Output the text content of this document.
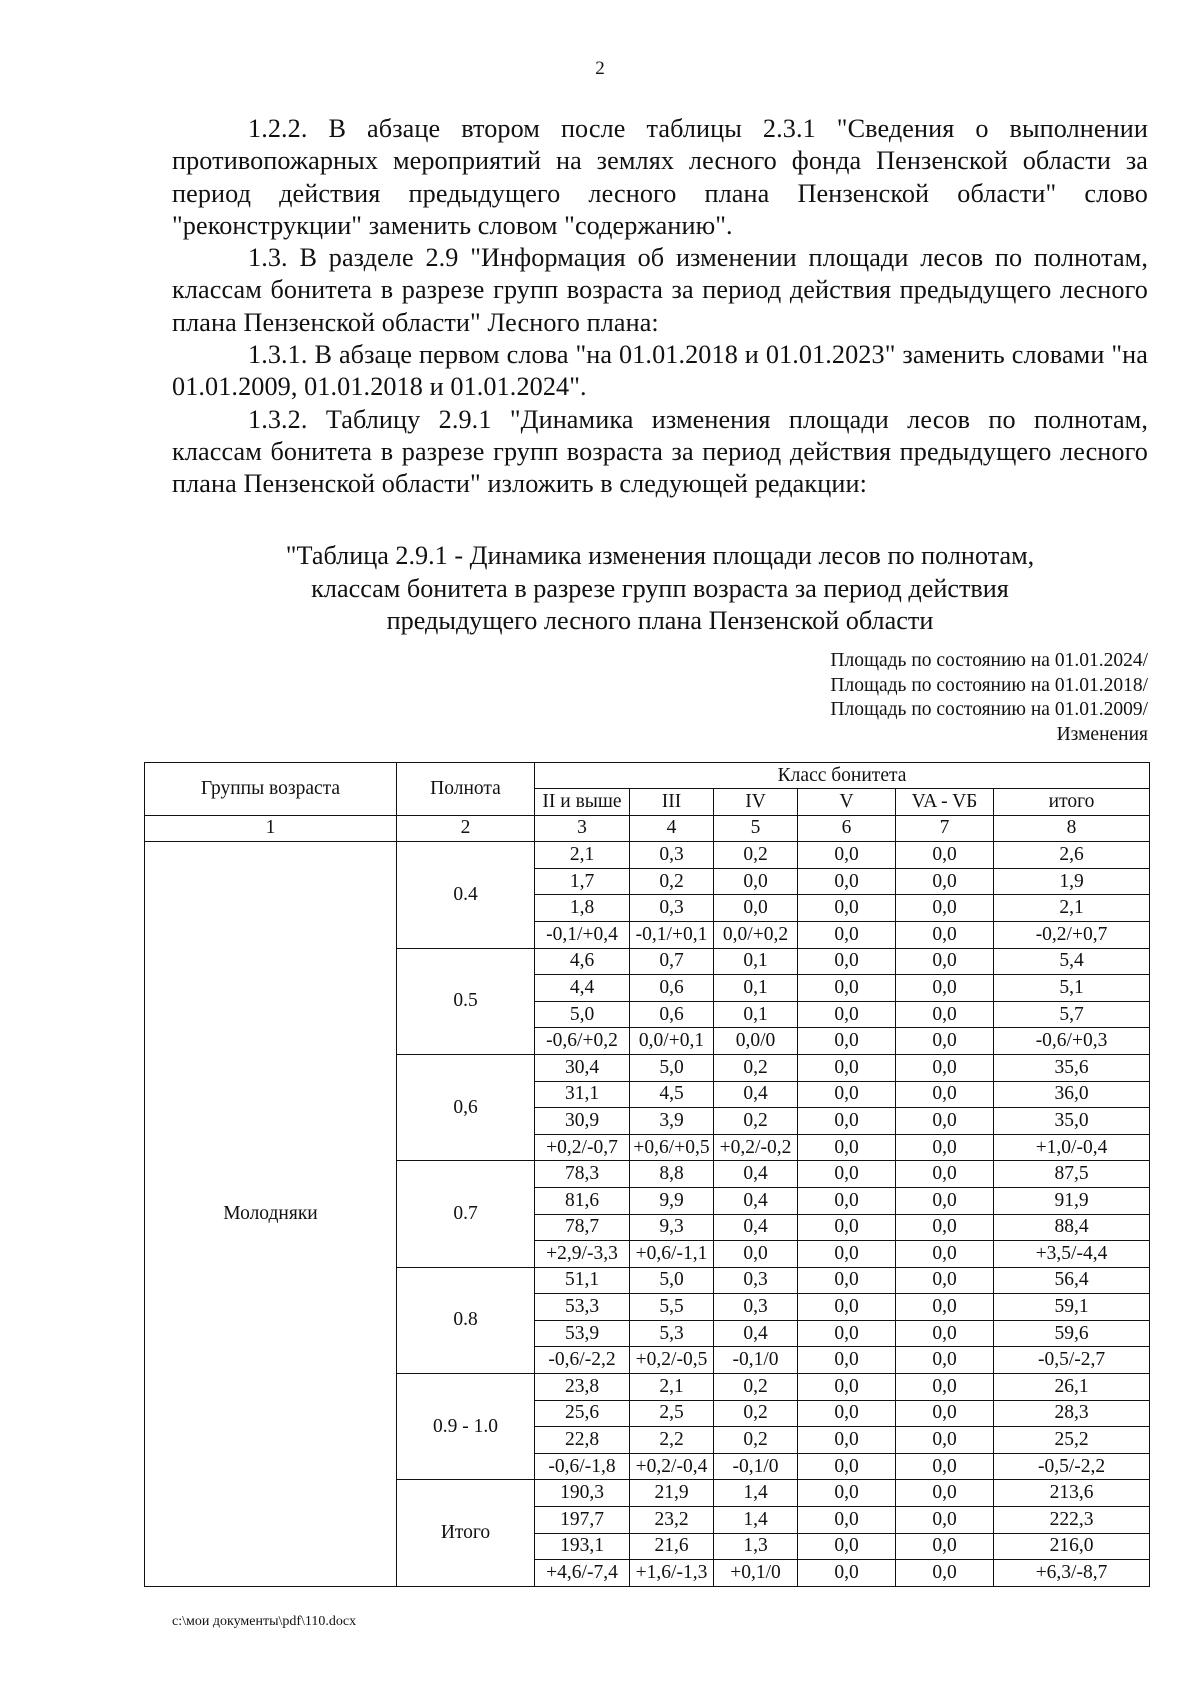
2

1.2.2. В абзаце втором после таблицы 2.3.1 "Сведения о выполнении противопожарных мероприятий на землях лесного фонда Пензенской области за период действия предыдущего лесного плана Пензенской области" слово "реконструкции" заменить словом "содержанию".

1.3. В разделе 2.9 "Информация об изменении площади лесов по полнотам, классам бонитета в разрезе групп возраста за период действия предыдущего лесного плана Пензенской области" Лесного плана:

1.3.1. В абзаце первом слова "на 01.01.2018 и 01.01.2023" заменить словами "на 01.01.2009, 01.01.2018 и 01.01.2024".

1.3.2. Таблицу 2.9.1 "Динамика изменения площади лесов по полнотам, классам бонитета в разрезе групп возраста за период действия предыдущего лесного плана Пензенской области" изложить в следующей редакции:

"Таблица 2.9.1 - Динамика изменения площади лесов по полнотам,
классам бонитета в разрезе групп возраста за период действия
предыдущего лесного плана Пензенской области
Площадь по состоянию на 01.01.2024/
Площадь по состоянию на 01.01.2018/
Площадь по состоянию на 01.01.2009/
Изменения
Группы возраста	Полнота	Класс бонитета					
		II и выше	III	IV	V	VA - VБ	итого
1	2	3	4	5	6	7	8
Молодняки	0.4	2,1	0,3	0,2	0,0	0,0	2,6
		1,7	0,2	0,0	0,0	0,0	1,9
		1,8	0,3	0,0	0,0	0,0	2,1
		-0,1/+0,4	-0,1/+0,1	0,0/+0,2	0,0	0,0	-0,2/+0,7
	0.5	4,6	0,7	0,1	0,0	0,0	5,4
		4,4	0,6	0,1	0,0	0,0	5,1
		5,0	0,6	0,1	0,0	0,0	5,7
		-0,6/+0,2	0,0/+0,1	0,0/0	0,0	0,0	-0,6/+0,3
	0,6	30,4	5,0	0,2	0,0	0,0	35,6
		31,1	4,5	0,4	0,0	0,0	36,0
		30,9	3,9	0,2	0,0	0,0	35,0
		+0,2/-0,7	+0,6/+0,5	+0,2/-0,2	0,0	0,0	+1,0/-0,4
	0.7	78,3	8,8	0,4	0,0	0,0	87,5
		81,6	9,9	0,4	0,0	0,0	91,9
		78,7	9,3	0,4	0,0	0,0	88,4
		+2,9/-3,3	+0,6/-1,1	0,0	0,0	0,0	+3,5/-4,4
	0.8	51,1	5,0	0,3	0,0	0,0	56,4
		53,3	5,5	0,3	0,0	0,0	59,1
		53,9	5,3	0,4	0,0	0,0	59,6
		-0,6/-2,2	+0,2/-0,5	-0,1/0	0,0	0,0	-0,5/-2,7
	0.9 - 1.0	23,8	2,1	0,2	0,0	0,0	26,1
		25,6	2,5	0,2	0,0	0,0	28,3
		22,8	2,2	0,2	0,0	0,0	25,2
		-0,6/-1,8	+0,2/-0,4	-0,1/0	0,0	0,0	-0,5/-2,2
	Итого	190,3	21,9	1,4	0,0	0,0	213,6
		197,7	23,2	1,4	0,0	0,0	222,3
		193,1	21,6	1,3	0,0	0,0	216,0
		+4,6/-7,4	+1,6/-1,3	+0,1/0	0,0	0,0	+6,3/-8,7
c:\мои документы\pdf\110.docx
